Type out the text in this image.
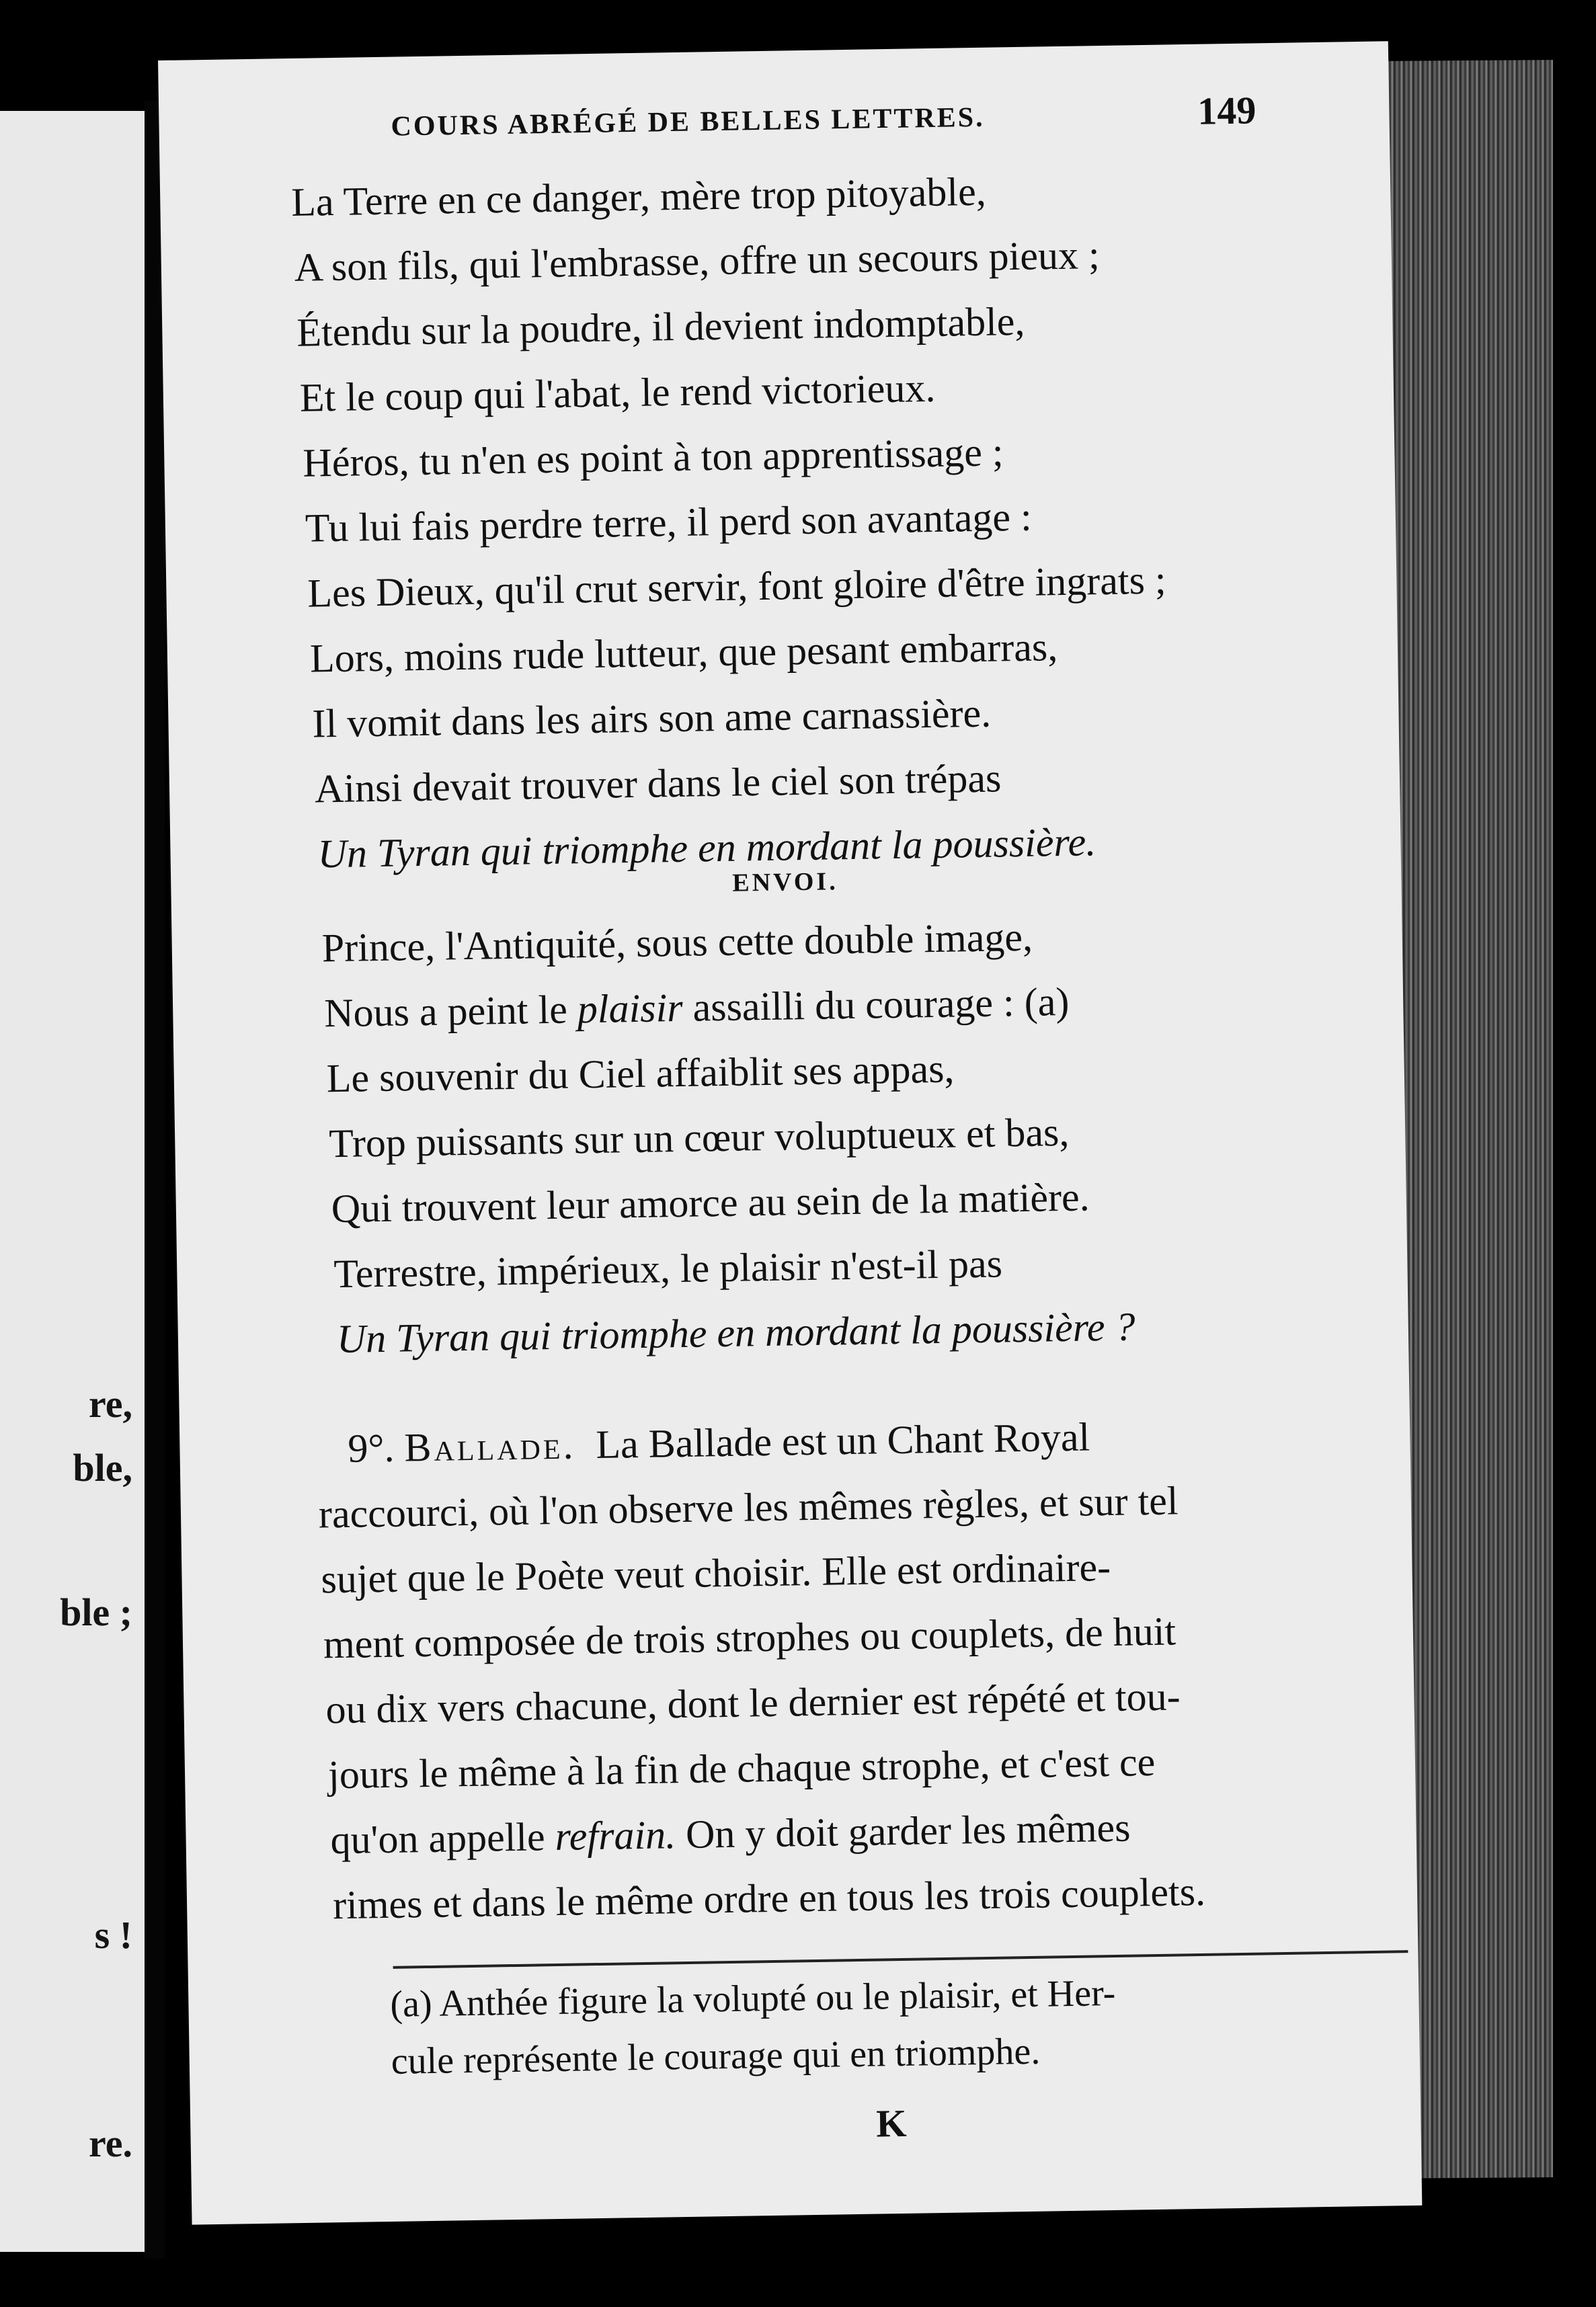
re,
ble,
ble ;
s !
re.
COURS ABRÉGÉ DE BELLES LETTRES.	149
La Terre en ce danger, mère trop pitoyable,
A son fils, qui l'embrasse, offre un secours pieux ;
Étendu sur la poudre, il devient indomptable,
Et le coup qui l'abat, le rend victorieux.
Héros, tu n'en es point à ton apprentissage ;
Tu lui fais perdre terre, il perd son avantage :
Les Dieux, qu'il crut servir, font gloire d'être ingrats ;
Lors, moins rude lutteur, que pesant embarras,
Il vomit dans les airs son ame carnassière.
Ainsi devait trouver dans le ciel son trépas
Un Tyran qui triomphe en mordant la poussière.
ENVOI.
Prince, l'Antiquité, sous cette double image,
Nous a peint le plaisir assailli du courage : (a)
Le souvenir du Ciel affaiblit ses appas,
Trop puissants sur un cœur voluptueux et bas,
Qui trouvent leur amorce au sein de la matière.
Terrestre, impérieux, le plaisir n'est-il pas
Un Tyran qui triomphe en mordant la poussière ?
9°. Ballade. La Ballade est un Chant Royal
raccourci, où l'on observe les mêmes règles, et sur tel
sujet que le Poète veut choisir. Elle est ordinaire-
ment composée de trois strophes ou couplets, de huit
ou dix vers chacune, dont le dernier est répété et tou-
jours le même à la fin de chaque strophe, et c'est ce
qu'on appelle refrain. On y doit garder les mêmes
rimes et dans le même ordre en tous les trois couplets.
(a) Anthée figure la volupté ou le plaisir, et Her-
cule représente le courage qui en triomphe.
K
